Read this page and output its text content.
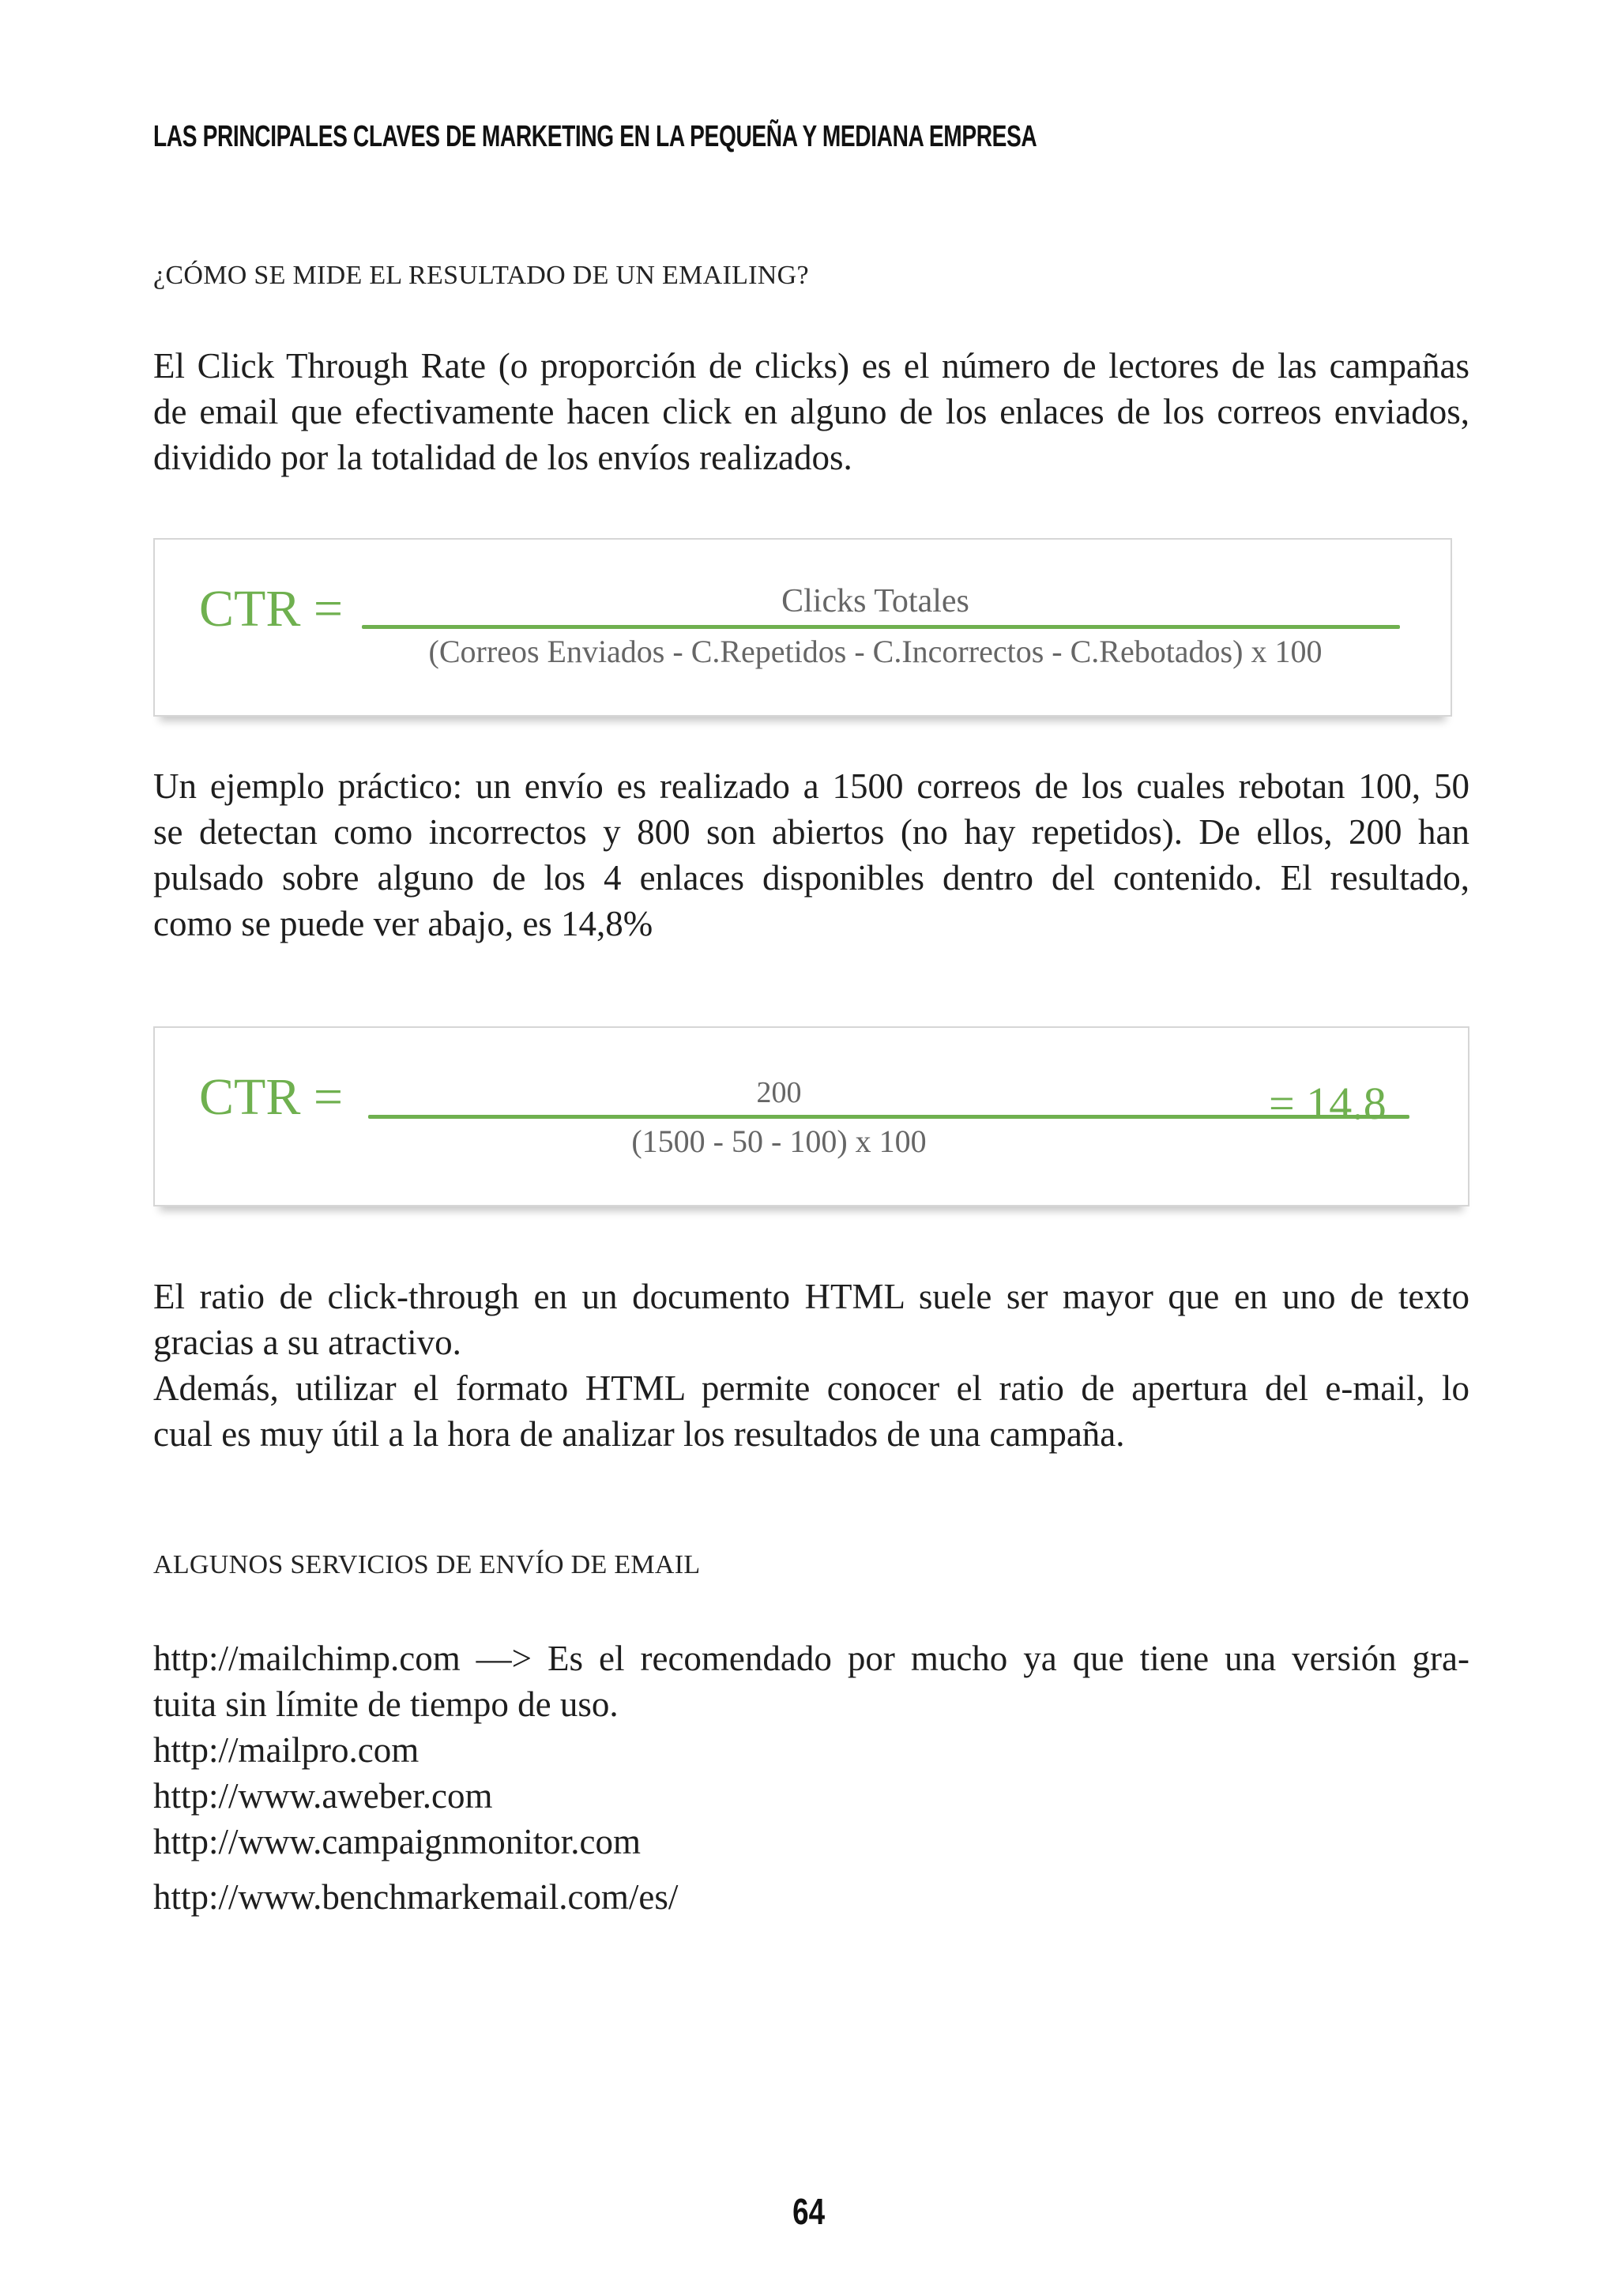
LAS PRINCIPALES CLAVES DE MARKETING EN LA PEQUEÑA Y MEDIANA EMPRESA
¿CÓMO SE MIDE EL RESULTADO DE UN EMAILING?

El Click Through Rate (o proporción de clicks) es el número de lectores de las campañas
de email que efectivamente hacen click en alguno de los enlaces de los correos enviados,
dividido por la totalidad de los envíos realizados.

CTR =	Clicks Totales
(Correos Enviados - C.Repetidos - C.Incorrectos - C.Rebotados) x 100

Un ejemplo práctico: un envío es realizado a 1500 correos de los cuales rebotan 100, 50
se detectan como incorrectos y 800 son abiertos (no hay repetidos). De ellos, 200 han
pulsado sobre alguno de los 4 enlaces disponibles dentro del contenido. El resultado,
como se puede ver abajo, es 14,8%

CTR =	200
(1500 - 50 - 100) x 100
= 14.8

El ratio de click-through en un documento HTML suele ser mayor que en uno de texto
gracias a su atractivo.
Además, utilizar el formato HTML permite conocer el ratio de apertura del e-mail, lo
cual es muy útil a la hora de analizar los resultados de una campaña.

ALGUNOS SERVICIOS DE ENVÍO DE EMAIL
http://mailchimp.com —> Es el recomendado por mucho ya que tiene una versión gra-
tuita sin límite de tiempo de uso.
http://mailpro.com
http://www.aweber.com
http://www.campaignmonitor.com
http://www.benchmarkemail.com/es/
64
